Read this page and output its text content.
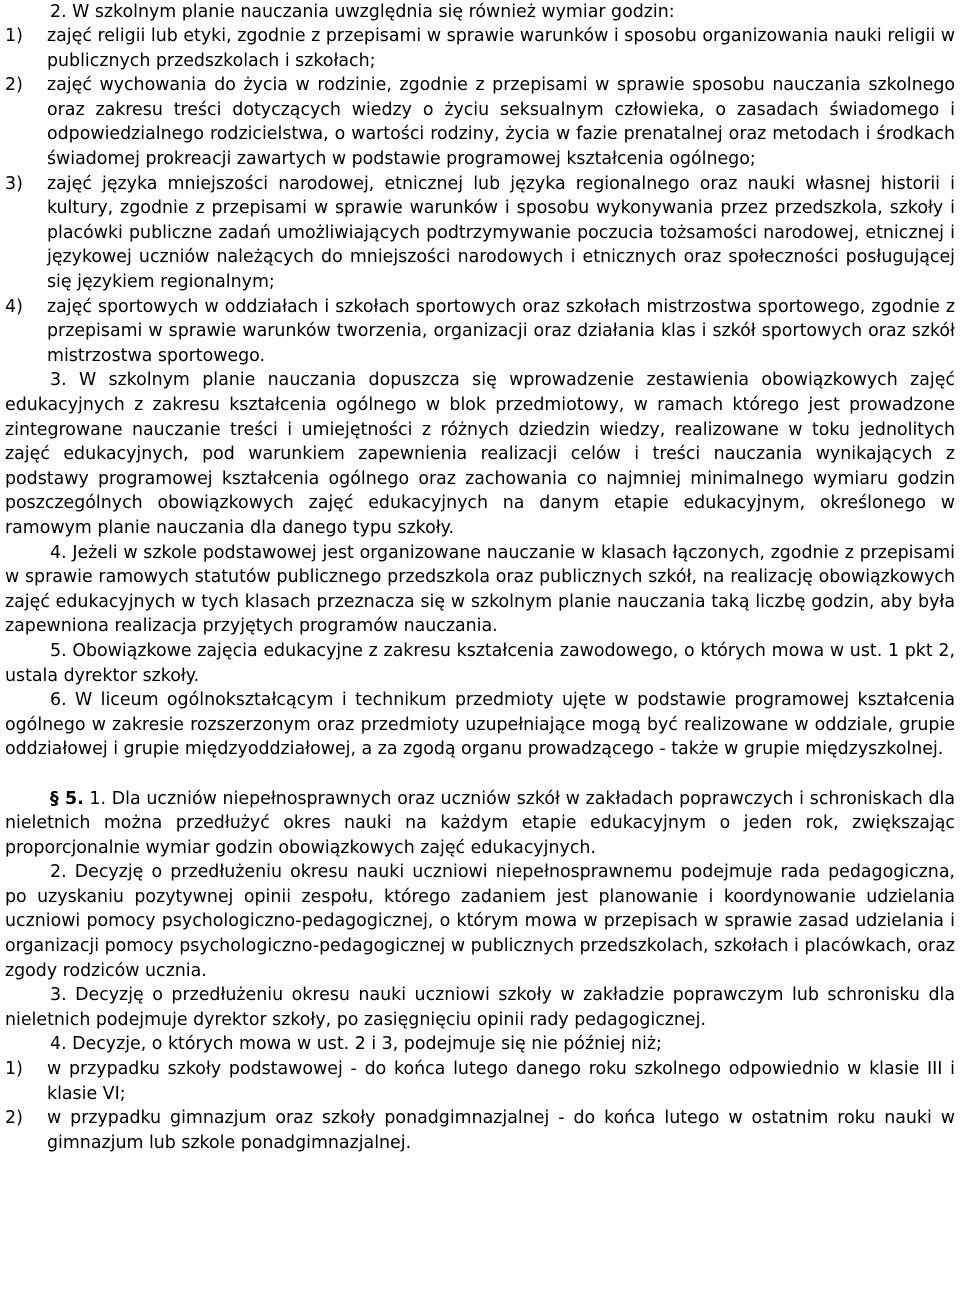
2. W szkolnym planie nauczania uwzględnia się również wymiar godzin:

1) zajęć religii lub etyki, zgodnie z przepisami w sprawie warunków i sposobu organizowania nauki religii w publicznych przedszkolach i szkołach;

2) zajęć wychowania do życia w rodzinie, zgodnie z przepisami w sprawie sposobu nauczania szkolnego oraz zakresu treści dotyczących wiedzy o życiu seksualnym człowieka, o zasadach świadomego i odpowiedzialnego rodzicielstwa, o wartości rodziny, życia w fazie prenatalnej oraz metodach i środkach świadomej prokreacji zawartych w podstawie programowej kształcenia ogólnego;

3) zajęć języka mniejszości narodowej, etnicznej lub języka regionalnego oraz nauki własnej historii i kultury, zgodnie z przepisami w sprawie warunków i sposobu wykonywania przez przedszkola, szkoły i placówki publiczne zadań umożliwiających podtrzymywanie poczucia tożsamości narodowej, etnicznej i językowej uczniów należących do mniejszości narodowych i etnicznych oraz społeczności posługującej się językiem regionalnym;

4) zajęć sportowych w oddziałach i szkołach sportowych oraz szkołach mistrzostwa sportowego, zgodnie z przepisami w sprawie warunków tworzenia, organizacji oraz działania klas i szkół sportowych oraz szkół mistrzostwa sportowego.

3. W szkolnym planie nauczania dopuszcza się wprowadzenie zestawienia obowiązkowych zajęć edukacyjnych z zakresu kształcenia ogólnego w blok przedmiotowy, w ramach którego jest prowadzone zintegrowane nauczanie treści i umiejętności z różnych dziedzin wiedzy, realizowane w toku jednolitych zajęć edukacyjnych, pod warunkiem zapewnienia realizacji celów i treści nauczania wynikających z podstawy programowej kształcenia ogólnego oraz zachowania co najmniej minimalnego wymiaru godzin poszczególnych obowiązkowych zajęć edukacyjnych na danym etapie edukacyjnym, określonego w ramowym planie nauczania dla danego typu szkoły.

4. Jeżeli w szkole podstawowej jest organizowane nauczanie w klasach łączonych, zgodnie z przepisami w sprawie ramowych statutów publicznego przedszkola oraz publicznych szkół, na realizację obowiązkowych zajęć edukacyjnych w tych klasach przeznacza się w szkolnym planie nauczania taką liczbę godzin, aby była zapewniona realizacja przyjętych programów nauczania.

5. Obowiązkowe zajęcia edukacyjne z zakresu kształcenia zawodowego, o których mowa w ust. 1 pkt 2, ustala dyrektor szkoły.

6. W liceum ogólnokształcącym i technikum przedmioty ujęte w podstawie programowej kształcenia ogólnego w zakresie rozszerzonym oraz przedmioty uzupełniające mogą być realizowane w oddziale, grupie oddziałowej i grupie międzyoddziałowej, a za zgodą organu prowadzącego - także w grupie międzyszkolnej.

§ 5. 1. Dla uczniów niepełnosprawnych oraz uczniów szkół w zakładach poprawczych i schroniskach dla nieletnich można przedłużyć okres nauki na każdym etapie edukacyjnym o jeden rok, zwiększając proporcjonalnie wymiar godzin obowiązkowych zajęć edukacyjnych.

2. Decyzję o przedłużeniu okresu nauki uczniowi niepełnosprawnemu podejmuje rada pedagogiczna, po uzyskaniu pozytywnej opinii zespołu, którego zadaniem jest planowanie i koordynowanie udzielania uczniowi pomocy psychologiczno-pedagogicznej, o którym mowa w przepisach w sprawie zasad udzielania i organizacji pomocy psychologiczno-pedagogicznej w publicznych przedszkolach, szkołach i placówkach, oraz zgody rodziców ucznia.

3. Decyzję o przedłużeniu okresu nauki uczniowi szkoły w zakładzie poprawczym lub schronisku dla nieletnich podejmuje dyrektor szkoły, po zasięgnięciu opinii rady pedagogicznej.

4. Decyzje, o których mowa w ust. 2 i 3, podejmuje się nie później niż;

1) w przypadku szkoły podstawowej - do końca lutego danego roku szkolnego odpowiednio w klasie III i klasie VI;

2) w przypadku gimnazjum oraz szkoły ponadgimnazjalnej - do końca lutego w ostatnim roku nauki w gimnazjum lub szkole ponadgimnazjalnej.
